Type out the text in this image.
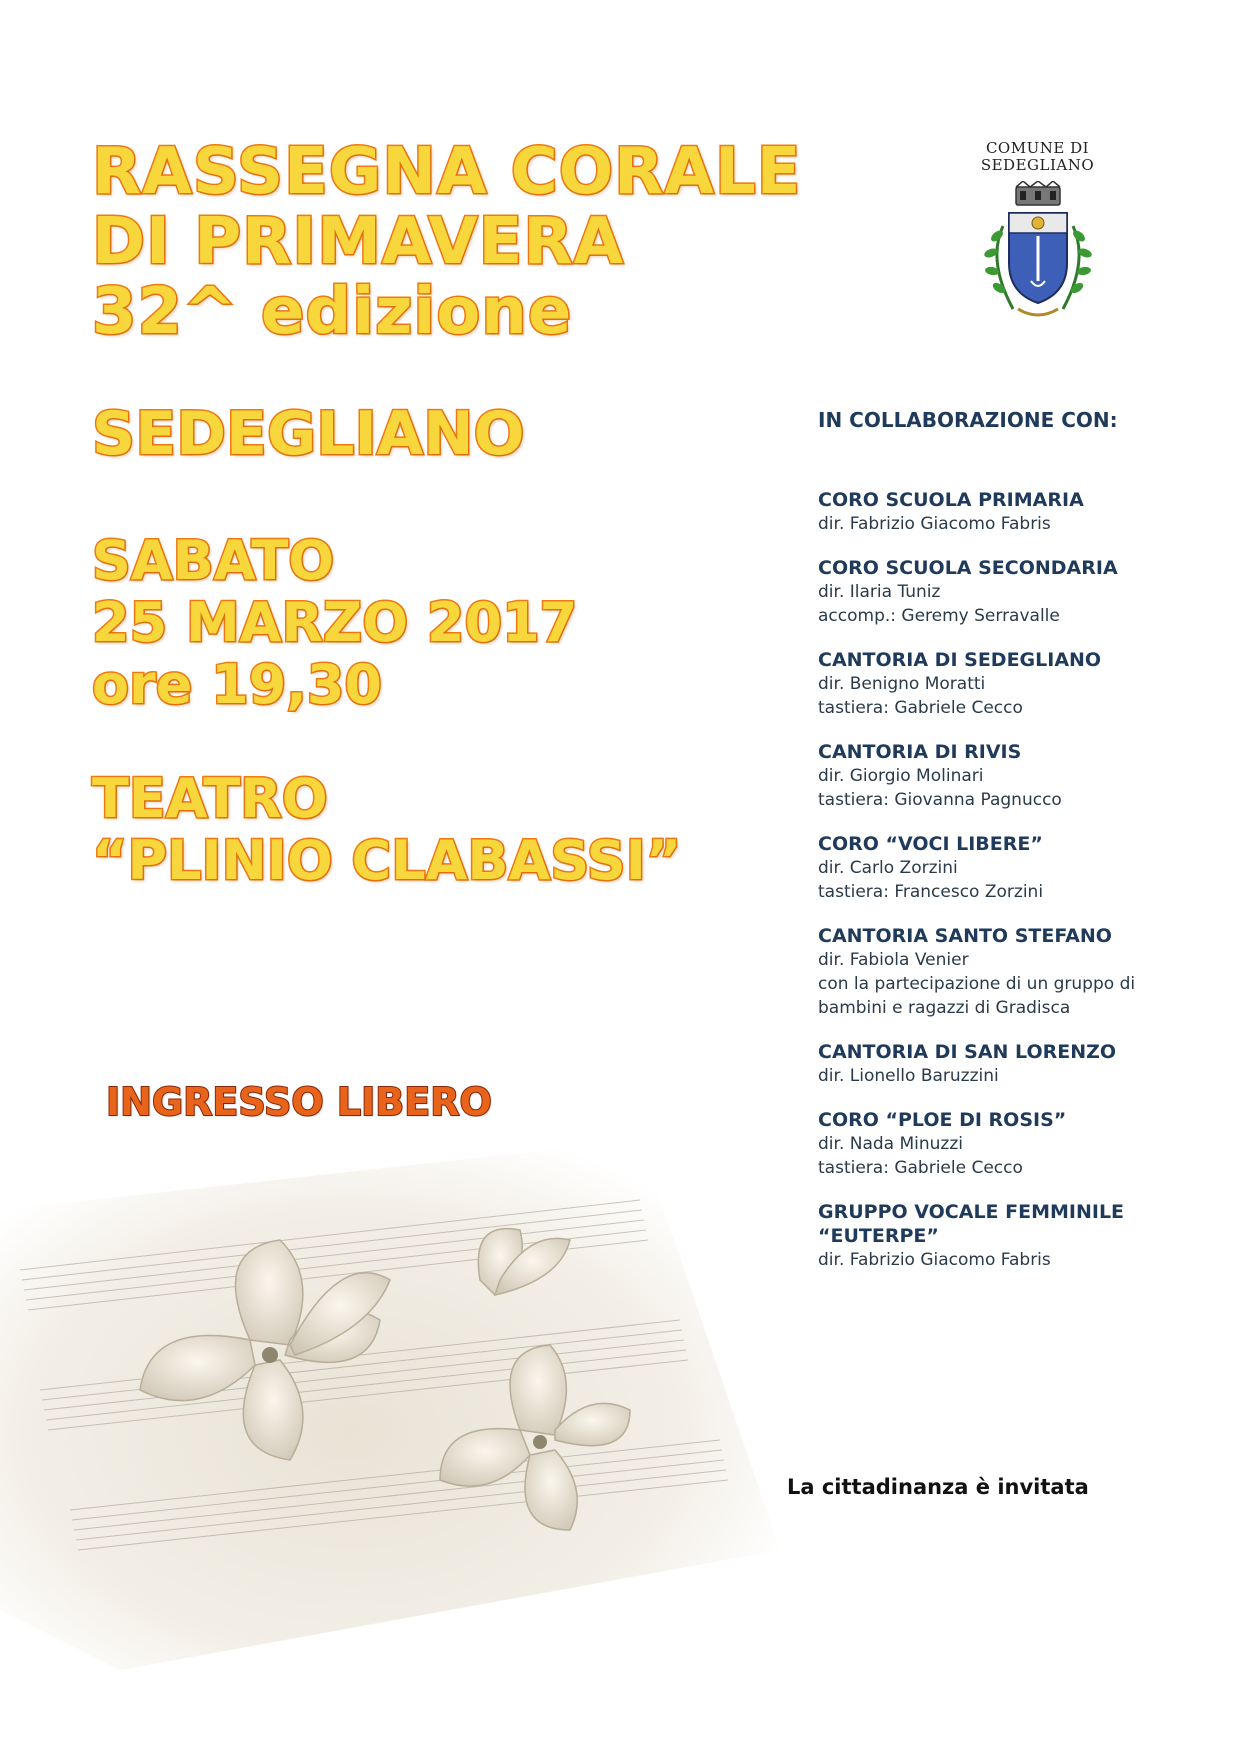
RASSEGNA CORALE

DI PRIMAVERA

32^ edizione

SEDEGLIANO

SABATO

25 MARZO 2017

ore 19,30

TEATRO

“PLINIO CLABASSI”

INGRESSO LIBERO
COMUNE DI
SEDEGLIANO
IN COLLABORAZIONE CON:
CORO SCUOLA PRIMARIA
dir. Fabrizio Giacomo Fabris
CORO SCUOLA SECONDARIA
dir. Ilaria Tuniz
accomp.: Geremy Serravalle
CANTORIA DI SEDEGLIANO
dir. Benigno Moratti
tastiera: Gabriele Cecco
CANTORIA DI RIVIS
dir. Giorgio Molinari
tastiera: Giovanna Pagnucco
CORO “VOCI LIBERE”
dir. Carlo Zorzini
tastiera: Francesco Zorzini
CANTORIA SANTO STEFANO
dir. Fabiola Venier
con la partecipazione di un gruppo di
bambini e ragazzi di Gradisca
CANTORIA DI SAN LORENZO
dir. Lionello Baruzzini
CORO “PLOE DI ROSIS”
dir. Nada Minuzzi
tastiera: Gabriele Cecco
GRUPPO VOCALE FEMMINILE
“EUTERPE”
dir. Fabrizio Giacomo Fabris
La cittadinanza è invitata
